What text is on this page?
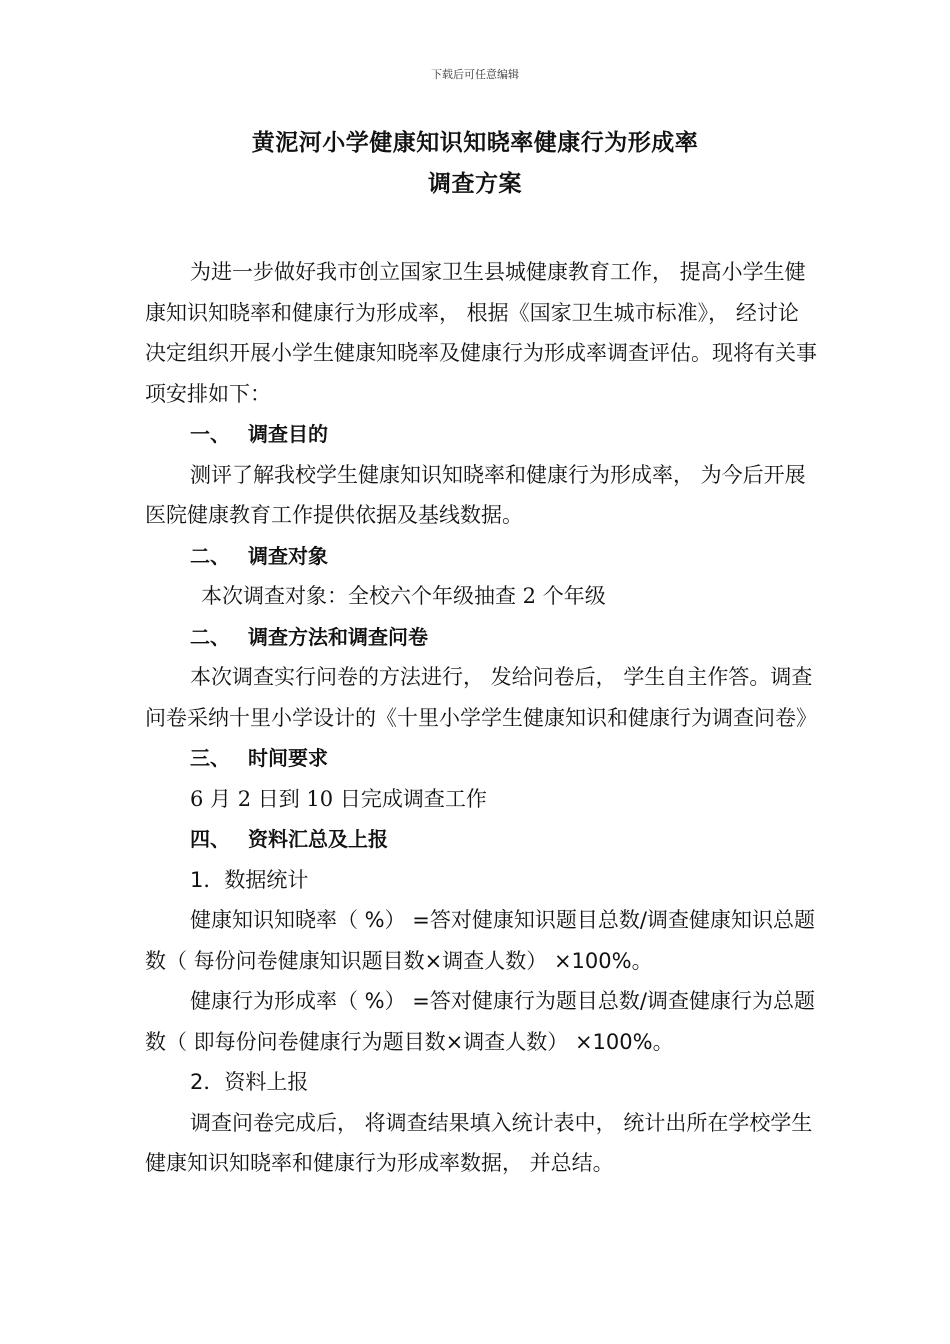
下载后可任意编辑
黄泥河小学健康知识知晓率健康行为形成率
调查方案

为进一步做好我市创立国家卫生县城健康教育工作， 提高小学生健康知识知晓率和健康行为形成率， 根据《国家卫生城市标准》， 经讨论决定组织开展小学生健康知晓率及健康行为形成率调查评估。现将有关事项安排如下：

一、 调查目的

测评了解我校学生健康知识知晓率和健康行为形成率， 为今后开展医院健康教育工作提供依据及基线数据。

二、 调查对象

本次调查对象：全校六个年级抽查 2 个年级

二、 调查方法和调查问卷

本次调查实行问卷的方法进行， 发给问卷后， 学生自主作答。调查问卷采纳十里小学设计的《十里小学学生健康知识和健康行为调查问卷》

三、 时间要求

6 月 2 日到 10 日完成调查工作

四、 资料汇总及上报

1．数据统计

健康知识知晓率（ %） =答对健康知识题目总数/调查健康知识总题数（ 每份问卷健康知识题目数×调查人数） ×100%。

健康行为形成率（ %） =答对健康行为题目总数/调查健康行为总题数（ 即每份问卷健康行为题目数×调查人数） ×100%。

2．资料上报

调查问卷完成后， 将调查结果填入统计表中， 统计出所在学校学生健康知识知晓率和健康行为形成率数据， 并总结。
